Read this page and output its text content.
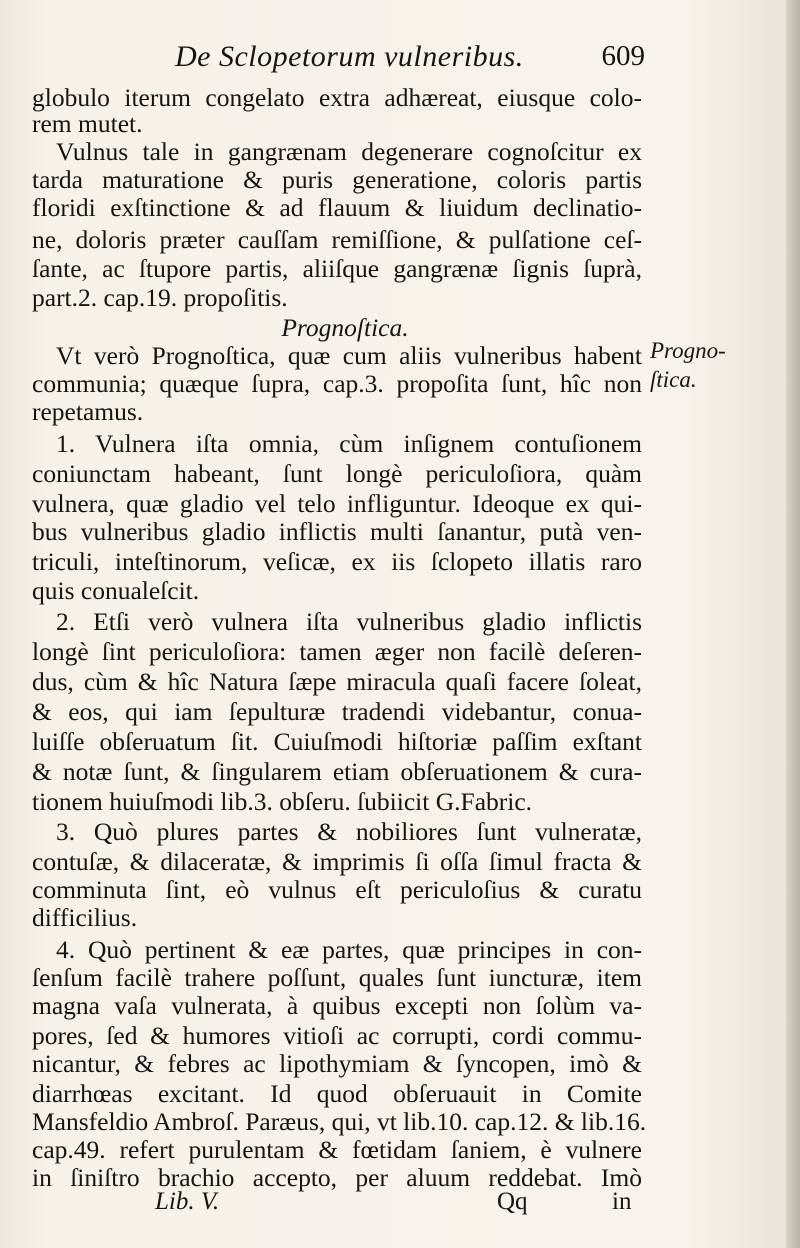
De Sclopetorum vulneribus.	609
globulo iterum congelato extra adhæreat, eiusque colo-
rem mutet.
Vulnus tale in gangrænam degenerare cognoſcitur ex
tarda maturatione & puris generatione, coloris partis
floridi exſtinctione & ad flauum & liuidum declinatio-
ne, doloris præter cauſſam remiſſione, & pulſatione ceſ-
ſante, ac ſtupore partis, aliiſque gangrænæ ſignis ſuprà,
part.2. cap.19. propoſitis.
Prognoſtica.
Vt verò Prognoſtica, quæ cum aliis vulneribus habent
communia; quæque ſupra, cap.3. propoſita ſunt, hîc non
repetamus.
1. Vulnera iſta omnia, cùm inſignem contuſionem
coniunctam habeant, ſunt longè periculoſiora, quàm
vulnera, quæ gladio vel telo infliguntur. Ideoque ex qui-
bus vulneribus gladio inflictis multi ſanantur, putà ven-
triculi, inteſtinorum, veſicæ, ex iis ſclopeto illatis raro
quis conualeſcit.
2. Etſi verò vulnera iſta vulneribus gladio inflictis
longè ſint periculoſiora: tamen æger non facilè deſeren-
dus, cùm & hîc Natura ſæpe miracula quaſi facere ſoleat,
& eos, qui iam ſepulturæ tradendi videbantur, conua-
luiſſe obſeruatum ſit. Cuiuſmodi hiſtoriæ paſſim exſtant
& notæ ſunt, & ſingularem etiam obſeruationem & cura-
tionem huiuſmodi lib.3. obſeru. ſubiicit G.Fabric.
3. Quò plures partes & nobiliores ſunt vulneratæ,
contuſæ, & dilaceratæ, & imprimis ſi oſſa ſimul fracta &
comminuta ſint, eò vulnus eſt periculoſius & curatu
difficilius.
4. Quò pertinent & eæ partes, quæ principes in con-
ſenſum facilè trahere poſſunt, quales ſunt iuncturæ, item
magna vaſa vulnerata, à quibus excepti non ſolùm va-
pores, ſed & humores vitioſi ac corrupti, cordi commu-
nicantur, & febres ac lipothymiam & ſyncopen, imò &
diarrhœas excitant. Id quod obſeruauit in Comite
Mansfeldio Ambroſ. Paræus, qui, vt lib.10. cap.12. & lib.16.
cap.49. refert purulentam & fœtidam ſaniem, è vulnere
in ſiniſtro brachio accepto, per aluum reddebat. Imò
Progno-
ſtica.
Lib. V.	Qq	in
